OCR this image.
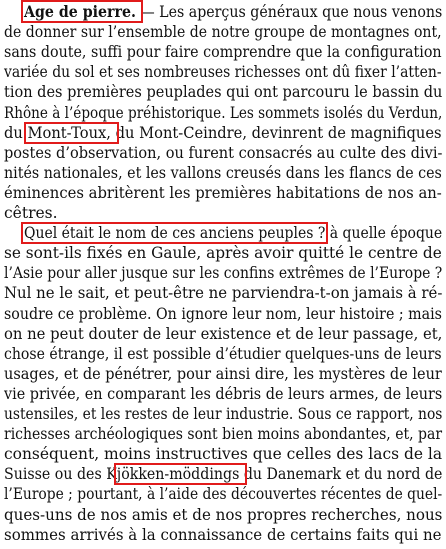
Age de pierre. — Les aperçus généraux que nous venons
de donner sur l’ensemble de notre groupe de montagnes ont,
sans doute, suffi pour faire comprendre que la configuration
variée du sol et ses nombreuses richesses ont dû fixer l’atten-
tion des premières peuplades qui ont parcouru le bassin du
Rhône à l’époque préhistorique. Les sommets isolés du Verdun,
du Mont-Toux, du Mont-Ceindre, devinrent de magnifiques
postes d’observation, ou furent consacrés au culte des divi-
nités nationales, et les vallons creusés dans les flancs de ces
éminences abritèrent les premières habitations de nos an-
cêtres.
Quel était le nom de ces anciens peuples ? à quelle époque
se sont-ils fixés en Gaule, après avoir quitté le centre de
l’Asie pour aller jusque sur les confins extrêmes de l’Europe ?
Nul ne le sait, et peut-être ne parviendra-t-on jamais à ré-
soudre ce problème. On ignore leur nom, leur histoire ; mais
on ne peut douter de leur existence et de leur passage, et,
chose étrange, il est possible d’étudier quelques-uns de leurs
usages, et de pénétrer, pour ainsi dire, les mystères de leur
vie privée, en comparant les débris de leurs armes, de leurs
ustensiles, et les restes de leur industrie. Sous ce rapport, nos
richesses archéologiques sont bien moins abondantes, et, par
conséquent, moins instructives que celles des lacs de la
Suisse ou des Kjökken-möddings du Danemark et du nord de
l’Europe ; pourtant, à l’aide des découvertes récentes de quel-
ques-uns de nos amis et de nos propres recherches, nous
sommes arrivés à la connaissance de certains faits qui ne
